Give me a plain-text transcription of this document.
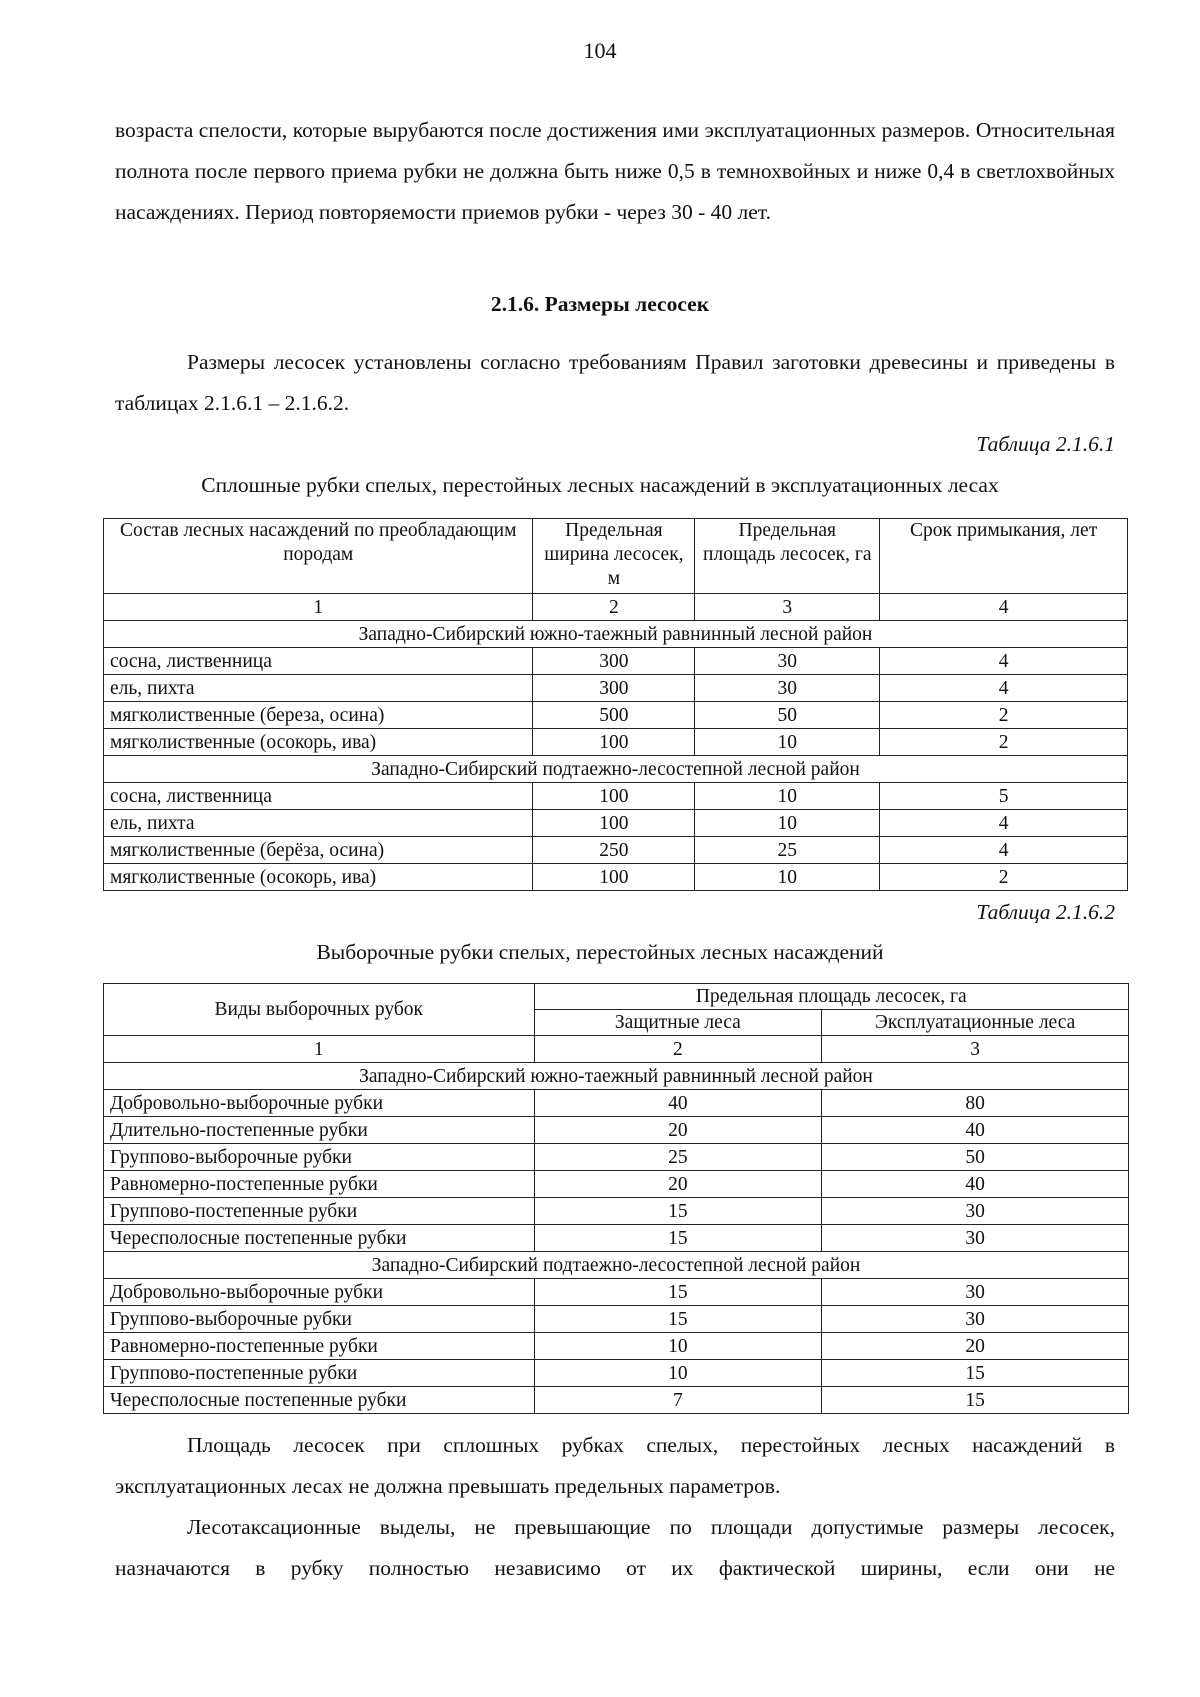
104

возраста спелости, которые вырубаются после достижения ими эксплуатационных размеров. Относительная полнота после первого приема рубки не должна быть ниже 0,5 в темнохвойных и ниже 0,4 в светлохвойных насаждениях. Период повторяемости приемов рубки - через 30 - 40 лет.

2.1.6. Размеры лесосек

Размеры лесосек установлены согласно требованиям Правил заготовки древесины и приведены в таблицах 2.1.6.1 – 2.1.6.2.

Таблица 2.1.6.1
Сплошные рубки спелых, перестойных лесных насаждений в эксплуатационных лесах
Состав лесных насаждений по преобладающим породам	Предельная ширина лесосек, м	Предельная площадь лесосек, га	Срок примыкания, лет
1	2	3	4
Западно-Сибирский южно-таежный равнинный лесной район			
сосна, лиственница	300	30	4
ель, пихта	300	30	4
мягколиственные (береза, осина)	500	50	2
мягколиственные (осокорь, ива)	100	10	2
Западно-Сибирский подтаежно-лесостепной лесной район			
сосна, лиственница	100	10	5
ель, пихта	100	10	4
мягколиственные (берёза, осина)	250	25	4
мягколиственные (осокорь, ива)	100	10	2
Таблица 2.1.6.2
Выборочные рубки спелых, перестойных лесных насаждений
Виды выборочных рубок	Предельная площадь лесосек, га	
	Защитные леса	Эксплуатационные леса
1	2	3
Западно-Сибирский южно-таежный равнинный лесной район		
Добровольно-выборочные рубки	40	80
Длительно-постепенные рубки	20	40
Группово-выборочные рубки	25	50
Равномерно-постепенные рубки	20	40
Группово-постепенные рубки	15	30
Чересполосные постепенные рубки	15	30
Западно-Сибирский подтаежно-лесостепной лесной район		
Добровольно-выборочные рубки	15	30
Группово-выборочные рубки	15	30
Равномерно-постепенные рубки	10	20
Группово-постепенные рубки	10	15
Чересполосные постепенные рубки	7	15

Площадь лесосек при сплошных рубках спелых, перестойных лесных насаждений в эксплуатационных лесах не должна превышать предельных параметров.

Лесотаксационные выделы, не превышающие по площади допустимые размеры лесосек, назначаются в рубку полностью независимо от их фактической ширины, если они не
